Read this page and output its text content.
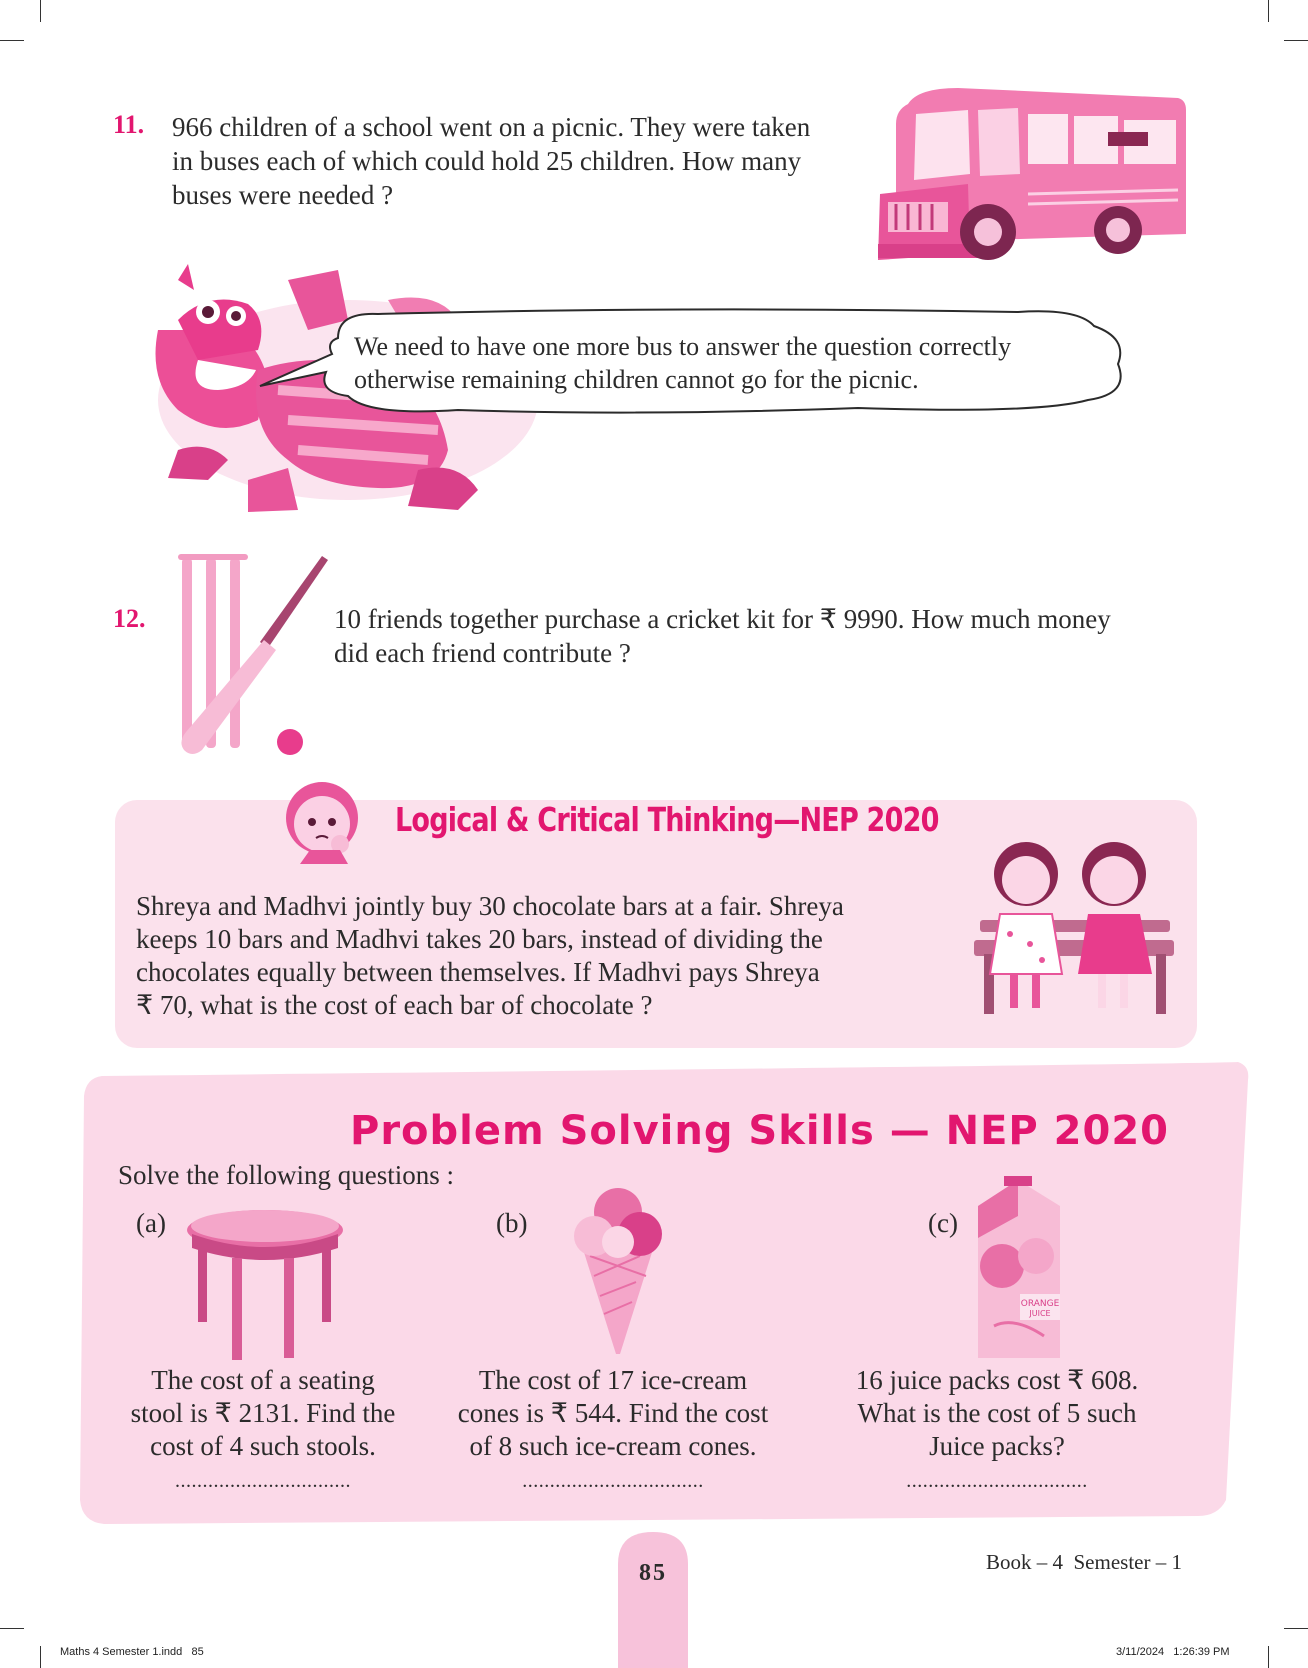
11. 966 children of a school went on a picnic. They were taken
in buses each of which could hold 25 children. How many
buses were needed ?
We need to have one more bus to answer the question correctly
otherwise remaining children cannot go for the picnic.
12.	10 friends together purchase a cricket kit for ₹ 9990. How much money
did each friend contribute ?
Logical & Critical Thinking—NEP 2020
Shreya and Madhvi jointly buy 30 chocolate bars at a fair. Shreya
keeps 10 bars and Madhvi takes 20 bars, instead of dividing the
chocolates equally between themselves. If Madhvi pays Shreya
₹ 70, what is the cost of each bar of chocolate ?
Problem Solving Skills — NEP 2020
Solve the following questions :
(a)
The cost of a seating
stool is ₹ 2131. Find the
cost of 4 such stools.
................................
(b)
The cost of 17 ice-cream
cones is ₹ 544. Find the cost
of 8 such ice-cream cones.
.................................
(c)
ORANGE
JUICE
16 juice packs cost ₹ 608.
What is the cost of 5 such
Juice packs?
.................................
85	Book – 4  Semester – 1
Maths 4 Semester 1.indd   85	3/11/2024   1:26:39 PM
